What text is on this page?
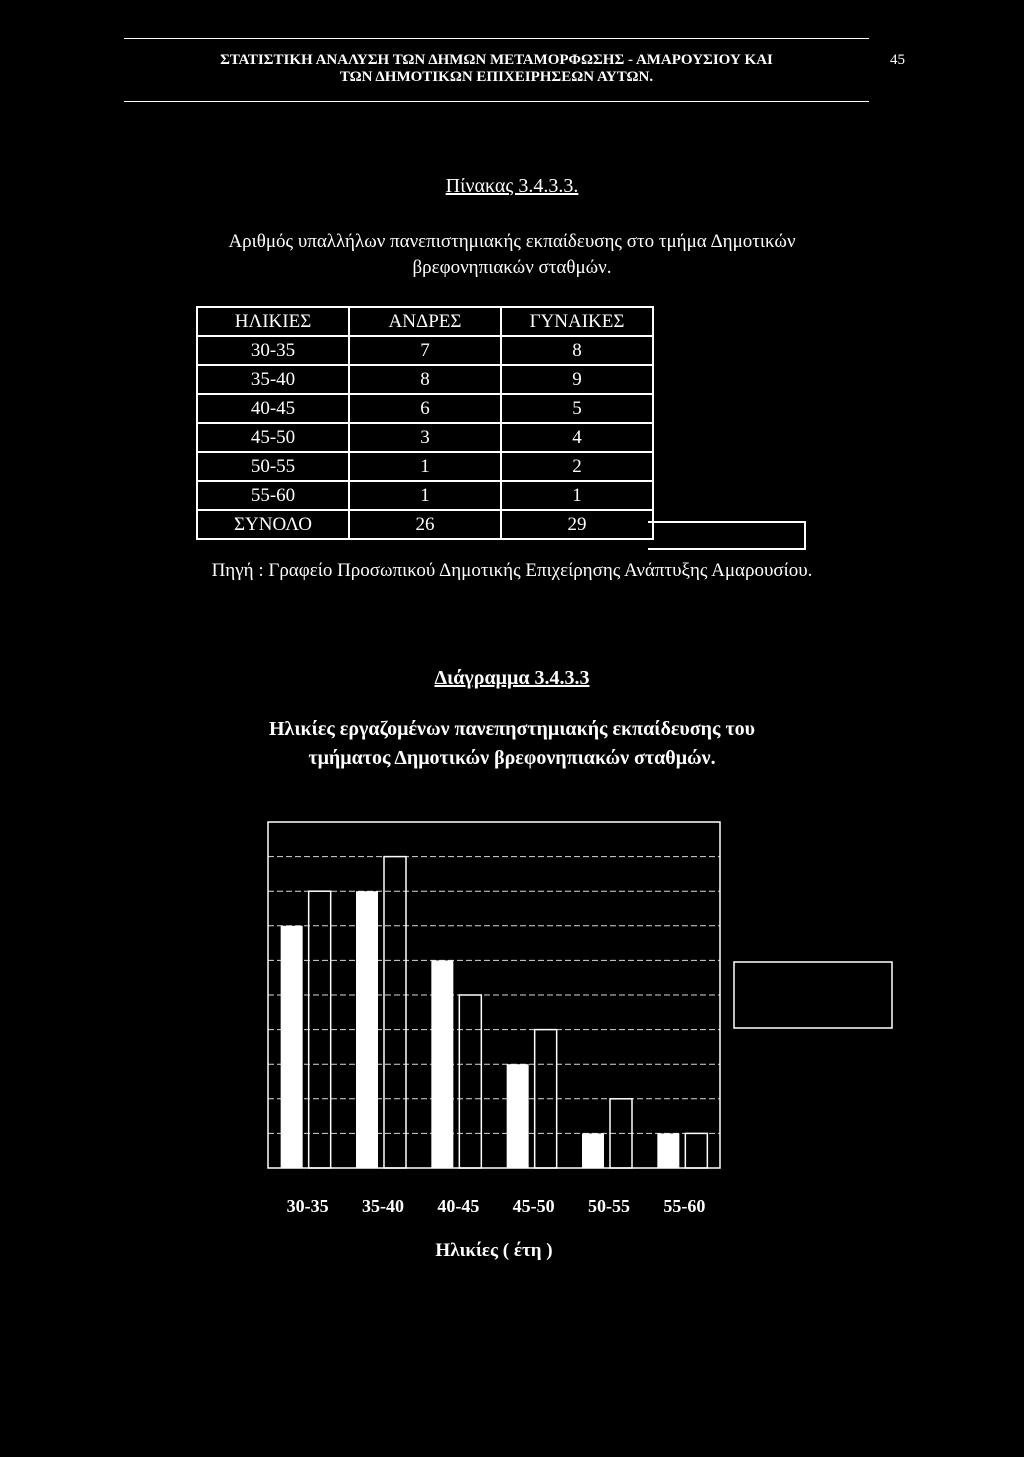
ΣΤΑΤΙΣΤΙΚΗ ΑΝΑΛΥΣΗ ΤΩΝ ΔΗΜΩΝ ΜΕΤΑΜΟΡΦΩΣΗΣ - ΑΜΑΡΟΥΣΙΟΥ ΚΑΙ
ΤΩΝ ΔΗΜΟΤΙΚΩΝ ΕΠΙΧΕΙΡΗΣΕΩΝ ΑΥΤΩΝ.
45
Πίνακας 3.4.3.3.
Αριθμός υπαλλήλων πανεπιστημιακής εκπαίδευσης στο τμήμα Δημοτικών
βρεφονηπιακών σταθμών.
ΗΛΙΚΙΕΣ	ΑΝΔΡΕΣ	ΓΥΝΑΙΚΕΣ
30-35	7	8
35-40	8	9
40-45	6	5
45-50	3	4
50-55	1	2
55-60	1	1
ΣΥΝΟΛΟ	26	29
Πηγή : Γραφείο Προσωπικού Δημοτικής Επιχείρησης Ανάπτυξης Αμαρουσίου.
Διάγραμμα 3.4.3.3
Ηλικίες εργαζομένων πανεπηστημιακής εκπαίδευσης του
τμήματος Δημοτικών βρεφονηπιακών σταθμών.
30-35 35-40 40-45 45-50 50-55 55-60
Ηλικίες ( έτη )
